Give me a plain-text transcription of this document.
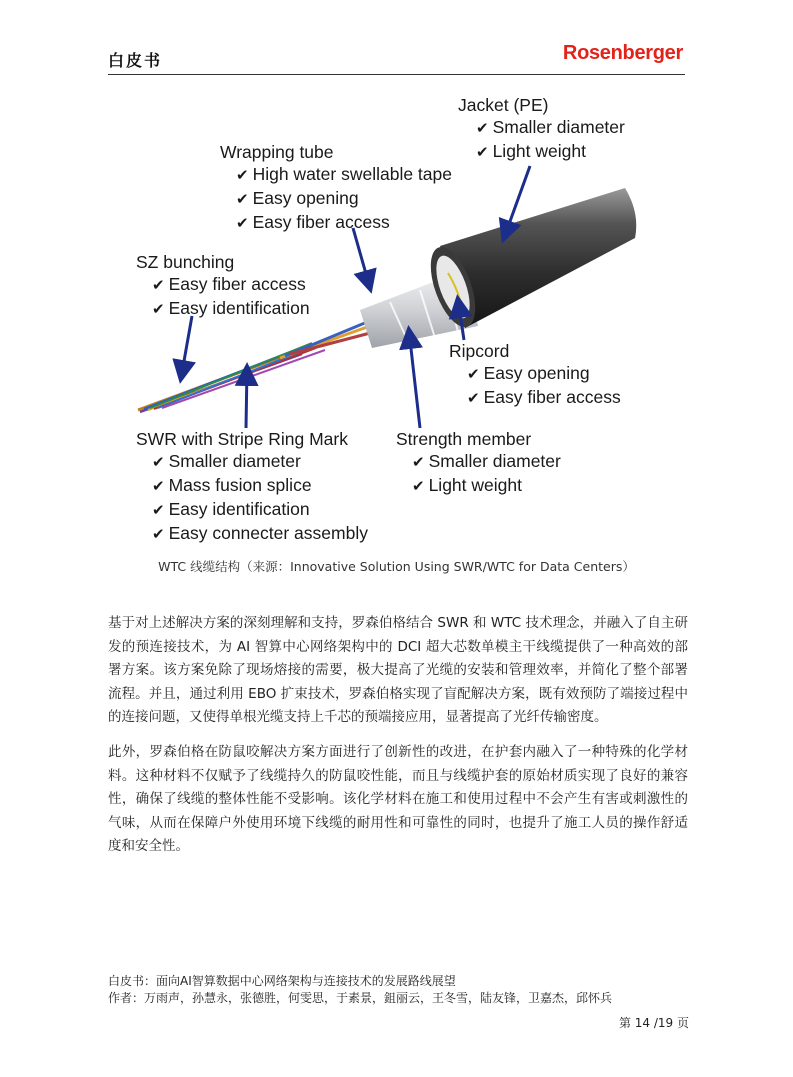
白皮书	Rosenberger
Jacket (PE)
✔ Smaller diameter
✔ Light weight
Wrapping tube
✔ High water swellable tape
✔ Easy opening
✔ Easy fiber access
SZ bunching
✔ Easy fiber access
✔ Easy identification
Ripcord
✔ Easy opening
✔ Easy fiber access
SWR with Stripe Ring Mark
✔ Smaller diameter
✔ Mass fusion splice
✔ Easy identification
✔ Easy connecter assembly
Strength member
✔ Smaller diameter
✔ Light weight
WTC 线缆结构（来源：Innovative Solution Using SWR/WTC for Data Centers）
基于对上述解决方案的深刻理解和支持，罗森伯格结合 SWR 和 WTC 技术理念，并融入了自主研发的预连接技术，为 AI 智算中心网络架构中的 DCI 超大芯数单模主干线缆提供了一种高效的部署方案。该方案免除了现场熔接的需要，极大提高了光缆的安装和管理效率，并简化了整个部署流程。并且，通过利用 EBO 扩束技术，罗森伯格实现了盲配解决方案，既有效预防了端接过程中的连接问题，又使得单根光缆支持上千芯的预端接应用，显著提高了光纤传输密度。
此外，罗森伯格在防鼠咬解决方案方面进行了创新性的改进，在护套内融入了一种特殊的化学材料。这种材料不仅赋予了线缆持久的防鼠咬性能，而且与线缆护套的原始材质实现了良好的兼容性，确保了线缆的整体性能不受影响。该化学材料在施工和使用过程中不会产生有害或刺激性的气味，从而在保障户外使用环境下线缆的耐用性和可靠性的同时，也提升了施工人员的操作舒适度和安全性。
白皮书：面向AI智算数据中心网络架构与连接技术的发展路线展望
作者：万雨声，孙慧永，张德胜，何雯思，于素景，鉏丽云，王冬雪，陆友锋，卫嘉杰，邱怀兵
第 14 /19 页
